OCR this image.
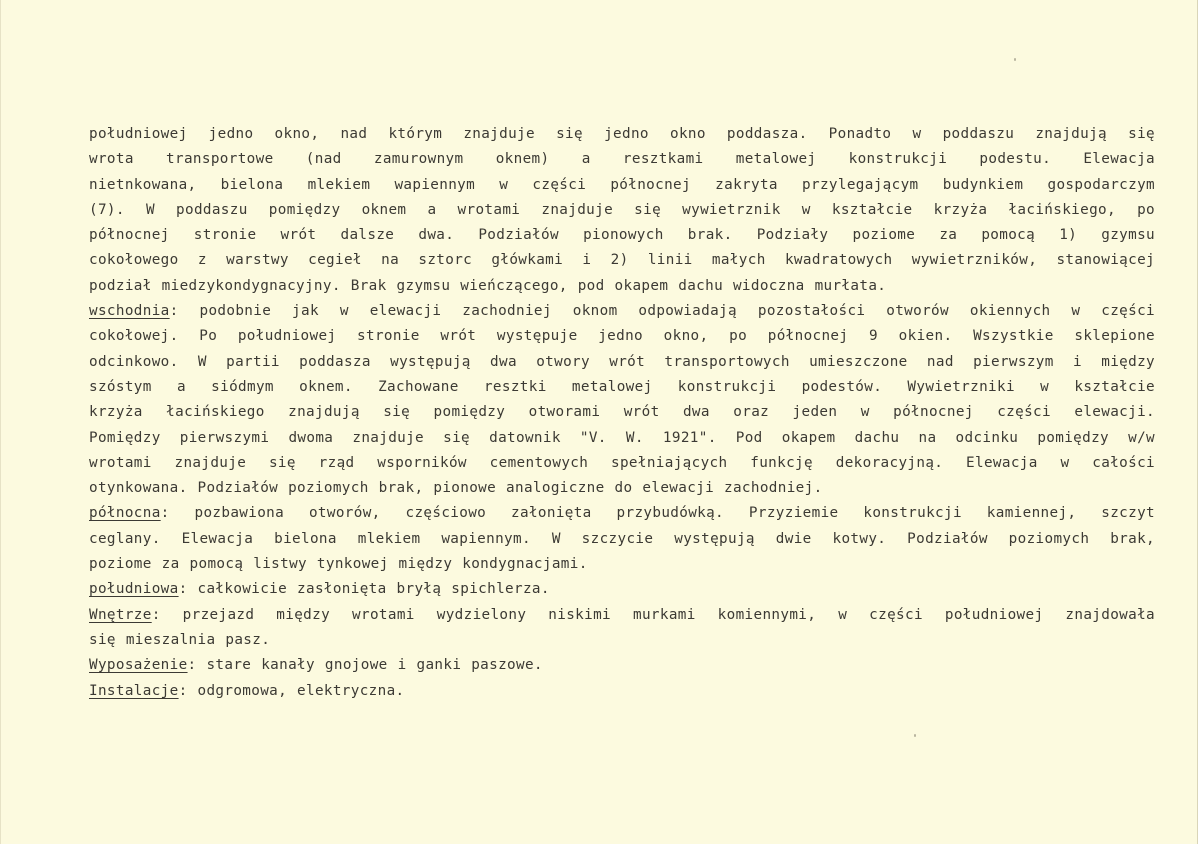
południowej jedno okno, nad którym znajduje się jedno okno poddasza. Ponadto w poddaszu znajdują się
wrota transportowe (nad zamurownym oknem) a resztkami metalowej konstrukcji podestu. Elewacja
nietnkowana, bielona mlekiem wapiennym w części północnej zakryta przylegającym budynkiem gospodarczym
(7). W poddaszu pomiędzy oknem a wrotami znajduje się wywietrznik w kształcie krzyża łacińskiego, po
północnej stronie wrót dalsze dwa. Podziałów pionowych brak. Podziały poziome za pomocą 1) gzymsu
cokołowego z warstwy cegieł na sztorc główkami i 2) linii małych kwadratowych wywietrzników, stanowiącej
podział miedzykondygnacyjny. Brak gzymsu wieńczącego, pod okapem dachu widoczna murłata.
wschodnia: podobnie jak w elewacji zachodniej oknom odpowiadają pozostałości otworów okiennych w części
cokołowej. Po południowej stronie wrót występuje jedno okno, po północnej 9 okien. Wszystkie sklepione
odcinkowo. W partii poddasza występują dwa otwory wrót transportowych umieszczone nad pierwszym i między
szóstym a siódmym oknem. Zachowane resztki metalowej konstrukcji podestów. Wywietrzniki w kształcie
krzyża łacińskiego znajdują się pomiędzy otworami wrót dwa oraz jeden w północnej części elewacji.
Pomiędzy pierwszymi dwoma znajduje się datownik "V. W. 1921". Pod okapem dachu na odcinku pomiędzy w/w
wrotami znajduje się rząd wsporników cementowych spełniających funkcję dekoracyjną. Elewacja w całości
otynkowana. Podziałów poziomych brak, pionowe analogiczne do elewacji zachodniej.
północna: pozbawiona otworów, częściowo załonięta przybudówką. Przyziemie konstrukcji kamiennej, szczyt
ceglany. Elewacja bielona mlekiem wapiennym. W szczycie występują dwie kotwy. Podziałów poziomych brak,
poziome za pomocą listwy tynkowej między kondygnacjami.
południowa: całkowicie zasłonięta bryłą spichlerza.
Wnętrze: przejazd między wrotami wydzielony niskimi murkami komiennymi, w części południowej znajdowała
się mieszalnia pasz.
Wyposażenie: stare kanały gnojowe i ganki paszowe.
Instalacje: odgromowa, elektryczna.
